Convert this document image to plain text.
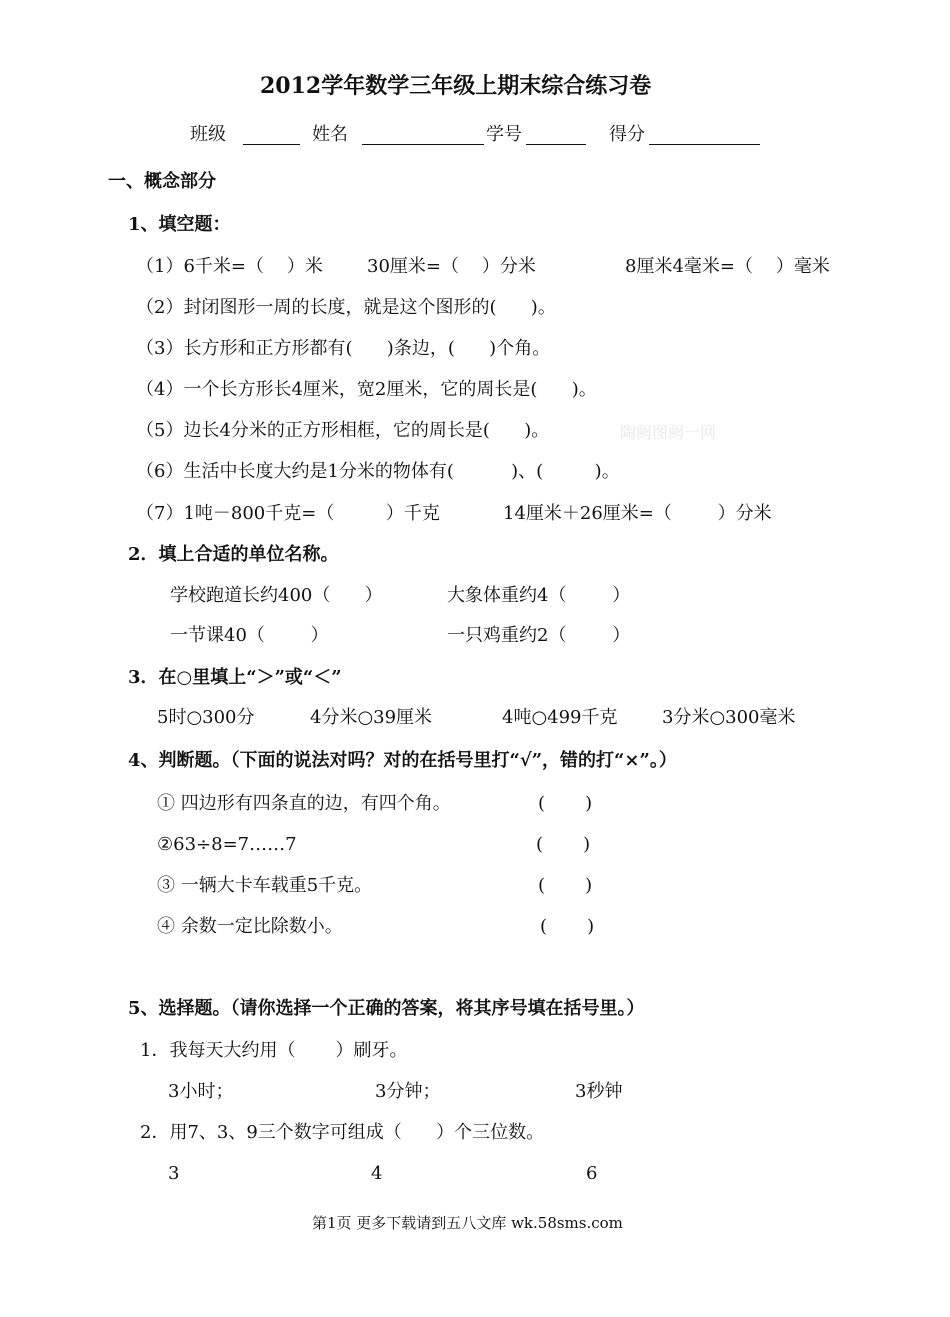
2012学年数学三年级上期末综合练习卷
班级	姓名	学号	得分
一、概念部分
1、填空题：
（1）6千米=（    ）米 30厘米=（    ）分米	8厘米4毫米=（    ）毫米
（2）封闭图形一周的长度，就是这个图形的(      )。
（3）长方形和正方形都有(      )条边，(      )个角。
（4）一个长方形长4厘米，宽2厘米，它的周长是(      )。
（5）边长4分米的正方形相框，它的周长是(      )。	陶阙图阙一网
（6）生活中长度大约是1分米的物体有(          )、(         )。
（7）1吨－800千克=（         ）千克	14厘米＋26厘米=（        ）分米
2．填上合适的单位名称。
学校跑道长约400（      ）	大象体重约4（        ）
一节课40（        ）	一只鸡重约2（        ）
3．在○里填上“＞”或“＜”
5时○300分	4分米○39厘米	4吨○499千克 3分米○300毫米
4、判断题。（下面的说法对吗？对的在括号里打“√”，错的打“×”。）
① 四边形有四条直的边，有四个角。	(       )
②63÷8=7……7	(       )
③ 一辆大卡车载重5千克。	(       )
④ 余数一定比除数小。	(       )
5、选择题。（请你选择一个正确的答案，将其序号填在括号里。）
1．我每天大约用（       ）刷牙。
3小时；	3分钟；	3秒钟
2．用7、3、9三个数字可组成（      ）个三位数。
3	4	6
第1页 更多下载请到五八文库 wk.58sms.com
